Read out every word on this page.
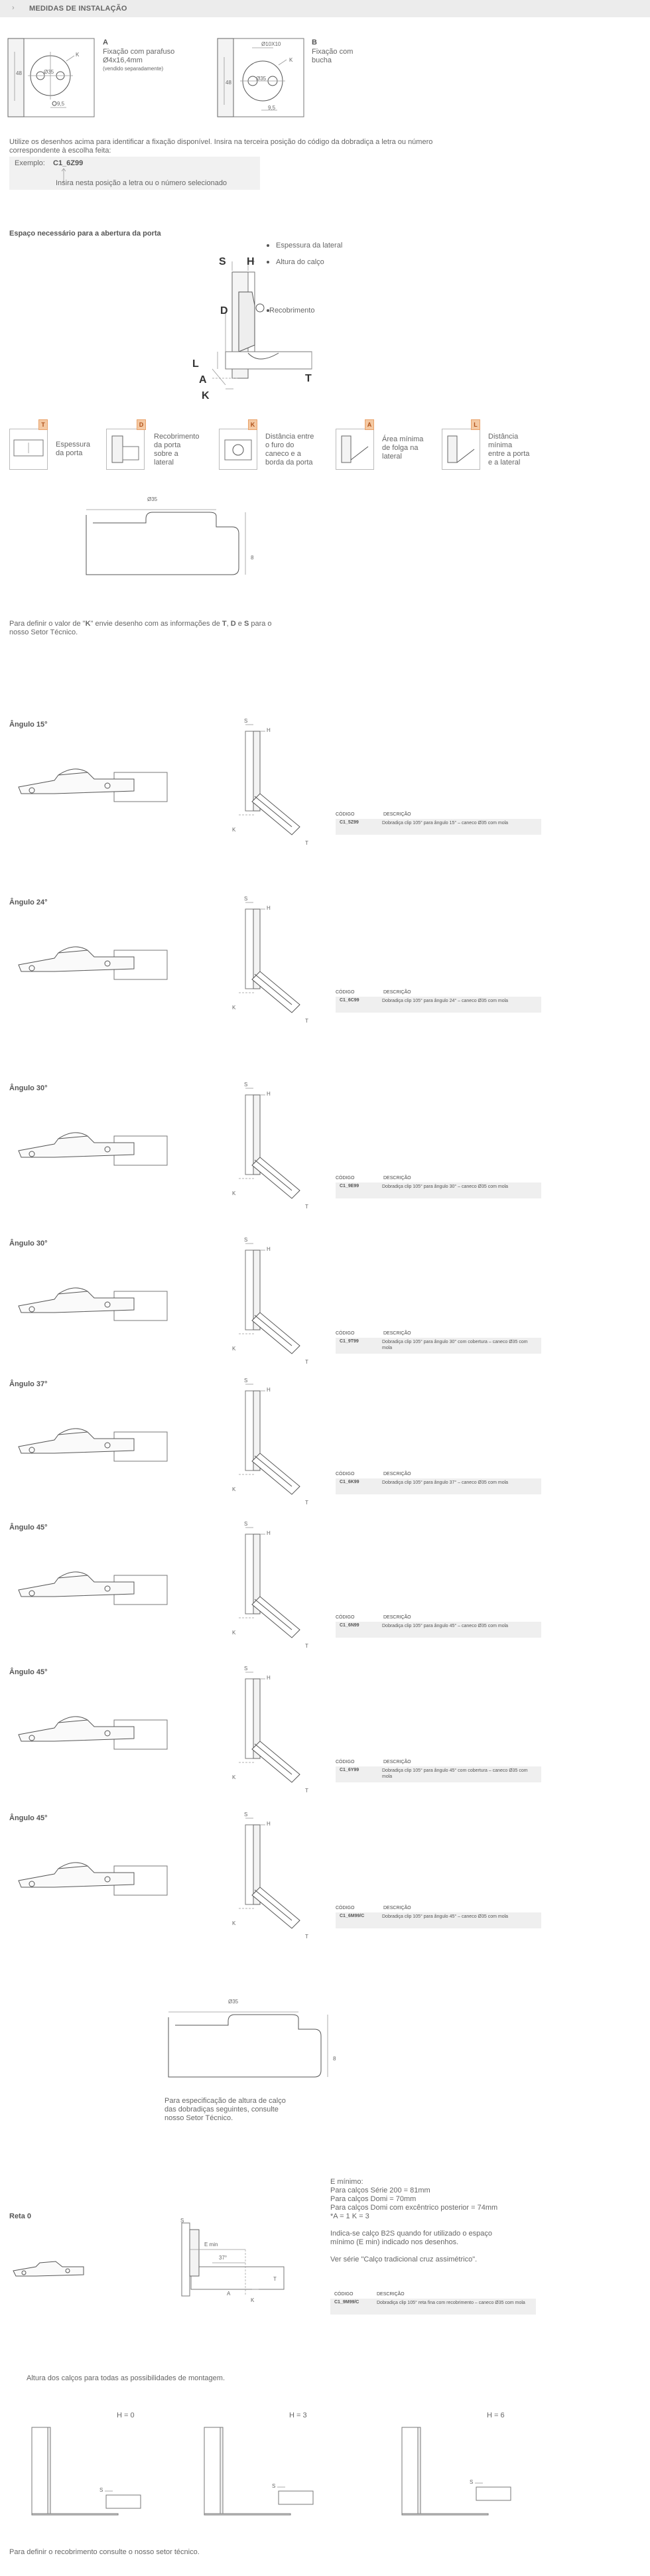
› MEDIDAS DE INSTALAÇÃO
48	Ø35
K
9,5
A
Fixação com parafuso
Ø4x16,4mm
(vendido separadamente)
Ø10X10
48
Ø35
K
9,5
B
Fixação com
bucha
Utilize os desenhos acima para identificar a fixação disponível. Insira na terceira posição do código da dobradiça a letra ou número
correspondente à escolha feita:
Exemplo: C1_6Z99
Insira nesta posição a letra ou o número selecionado
Espaço necessário para a abertura da porta
S H
D
L
A
K
T
Espessura da lateral
Altura do calço
Recobrimento
T
Espessura
da porta
D
Recobrimento
da porta
sobre a
lateral
K
Distância entre
o furo do
caneco e a
borda da porta
A
Área mínima
de folga na
lateral
L
Distância
mínima
entre a porta
e a lateral
Ø35
8
Para definir o valor de "K" envie desenho com as informações de T, D e S para o
nosso Setor Técnico.
Ângulo 15°	S
H
K
T
CÓDIGO	DESCRIÇÃO
C1_5Z99	Dobradiça clip 105° para ângulo 15° – caneco Ø35 com mola
Ângulo 24°	S
H
K
T
CÓDIGO	DESCRIÇÃO
C1_6C99	Dobradiça clip 105° para ângulo 24° – caneco Ø35 com mola
Ângulo 30°	S
H
K
T
CÓDIGO	DESCRIÇÃO
C1_9E99	Dobradiça clip 105° para ângulo 30° – caneco Ø35 com mola
Ângulo 30°	S
H
K
T
CÓDIGO	DESCRIÇÃO
C1_9T99	Dobradiça clip 105° para ângulo 30° com cobertura – caneco Ø35 com mola
Ângulo 37°	S
H
K
T
CÓDIGO	DESCRIÇÃO
C1_6K99	Dobradiça clip 105° para ângulo 37° – caneco Ø35 com mola
Ângulo 45°	S
H
K
T
CÓDIGO	DESCRIÇÃO
C1_6N99	Dobradiça clip 105° para ângulo 45° – caneco Ø35 com mola
Ângulo 45°	S
H
K
T
CÓDIGO	DESCRIÇÃO
C1_6Y99	Dobradiça clip 105° para ângulo 45° com cobertura – caneco Ø35 com mola
Ângulo 45°	S
H
K
T
CÓDIGO	DESCRIÇÃO
C1_6M99/C	Dobradiça clip 105° para ângulo 45° – caneco Ø35 com mola
Ø35
8
Para especificação de altura de calço
das dobradiças seguintes, consulte
nosso Setor Técnico.
Reta 0
S
E min
37°
T
A
K
E mínimo:
Para calços Série 200 = 81mm
Para calços Domi = 70mm
Para calços Domi com excêntrico posterior = 74mm
*A = 1 K = 3
Indica-se calço B2S quando for utilizado o espaço
mínimo (E min) indicado nos desenhos.
Ver série "Calço tradicional cruz assimétrico".
CÓDIGO	DESCRIÇÃO
C1_9M99/C	Dobradiça clip 105° reta fina com recobrimento – caneco Ø35 com mola
Altura dos calços para todas as possibilidades de montagem.
H = 0
S
H = 3
S
H = 6
S
Para definir o recobrimento consulte o nosso setor técnico.
